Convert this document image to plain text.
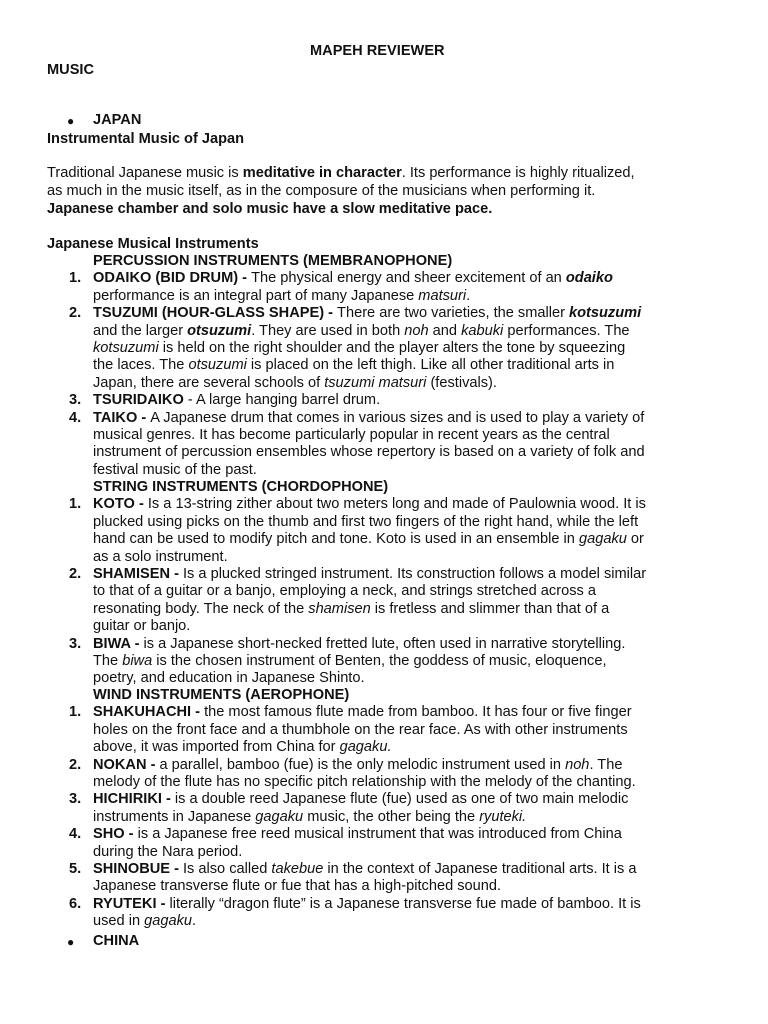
MAPEH REVIEWER
MUSIC
● JAPAN
Instrumental Music of Japan
Traditional Japanese music is meditative in character. Its performance is highly ritualized,
as much in the music itself, as in the composure of the musicians when performing it.
Japanese chamber and solo music have a slow meditative pace.
Japanese Musical Instruments
PERCUSSION INSTRUMENTS (MEMBRANOPHONE)
1. ODAIKO (BID DRUM) - The physical energy and sheer excitement of an odaiko
performance is an integral part of many Japanese matsuri.
2. TSUZUMI (HOUR-GLASS SHAPE) - There are two varieties, the smaller kotsuzumi
and the larger otsuzumi. They are used in both noh and kabuki performances. The
kotsuzumi is held on the right shoulder and the player alters the tone by squeezing
the laces. The otsuzumi is placed on the left thigh. Like all other traditional arts in
Japan, there are several schools of tsuzumi matsuri (festivals).
3. TSURIDAIKO - A large hanging barrel drum.
4. TAIKO - A Japanese drum that comes in various sizes and is used to play a variety of
musical genres. It has become particularly popular in recent years as the central
instrument of percussion ensembles whose repertory is based on a variety of folk and
festival music of the past.
STRING INSTRUMENTS (CHORDOPHONE)
1. KOTO - Is a 13-string zither about two meters long and made of Paulownia wood. It is
plucked using picks on the thumb and first two fingers of the right hand, while the left
hand can be used to modify pitch and tone. Koto is used in an ensemble in gagaku or
as a solo instrument.
2. SHAMISEN - Is a plucked stringed instrument. Its construction follows a model similar
to that of a guitar or a banjo, employing a neck, and strings stretched across a
resonating body. The neck of the shamisen is fretless and slimmer than that of a
guitar or banjo.
3. BIWA - is a Japanese short-necked fretted lute, often used in narrative storytelling.
The biwa is the chosen instrument of Benten, the goddess of music, eloquence,
poetry, and education in Japanese Shinto.
WIND INSTRUMENTS (AEROPHONE)
1. SHAKUHACHI - the most famous flute made from bamboo. It has four or five finger
holes on the front face and a thumbhole on the rear face. As with other instruments
above, it was imported from China for gagaku.
2. NOKAN - a parallel, bamboo (fue) is the only melodic instrument used in noh. The
melody of the flute has no specific pitch relationship with the melody of the chanting.
3. HICHIRIKI - is a double reed Japanese flute (fue) used as one of two main melodic
instruments in Japanese gagaku music, the other being the ryuteki.
4. SHO - is a Japanese free reed musical instrument that was introduced from China
during the Nara period.
5. SHINOBUE - Is also called takebue in the context of Japanese traditional arts. It is a
Japanese transverse flute or fue that has a high-pitched sound.
6. RYUTEKI - literally “dragon flute” is a Japanese transverse fue made of bamboo. It is
used in gagaku.
● CHINA
